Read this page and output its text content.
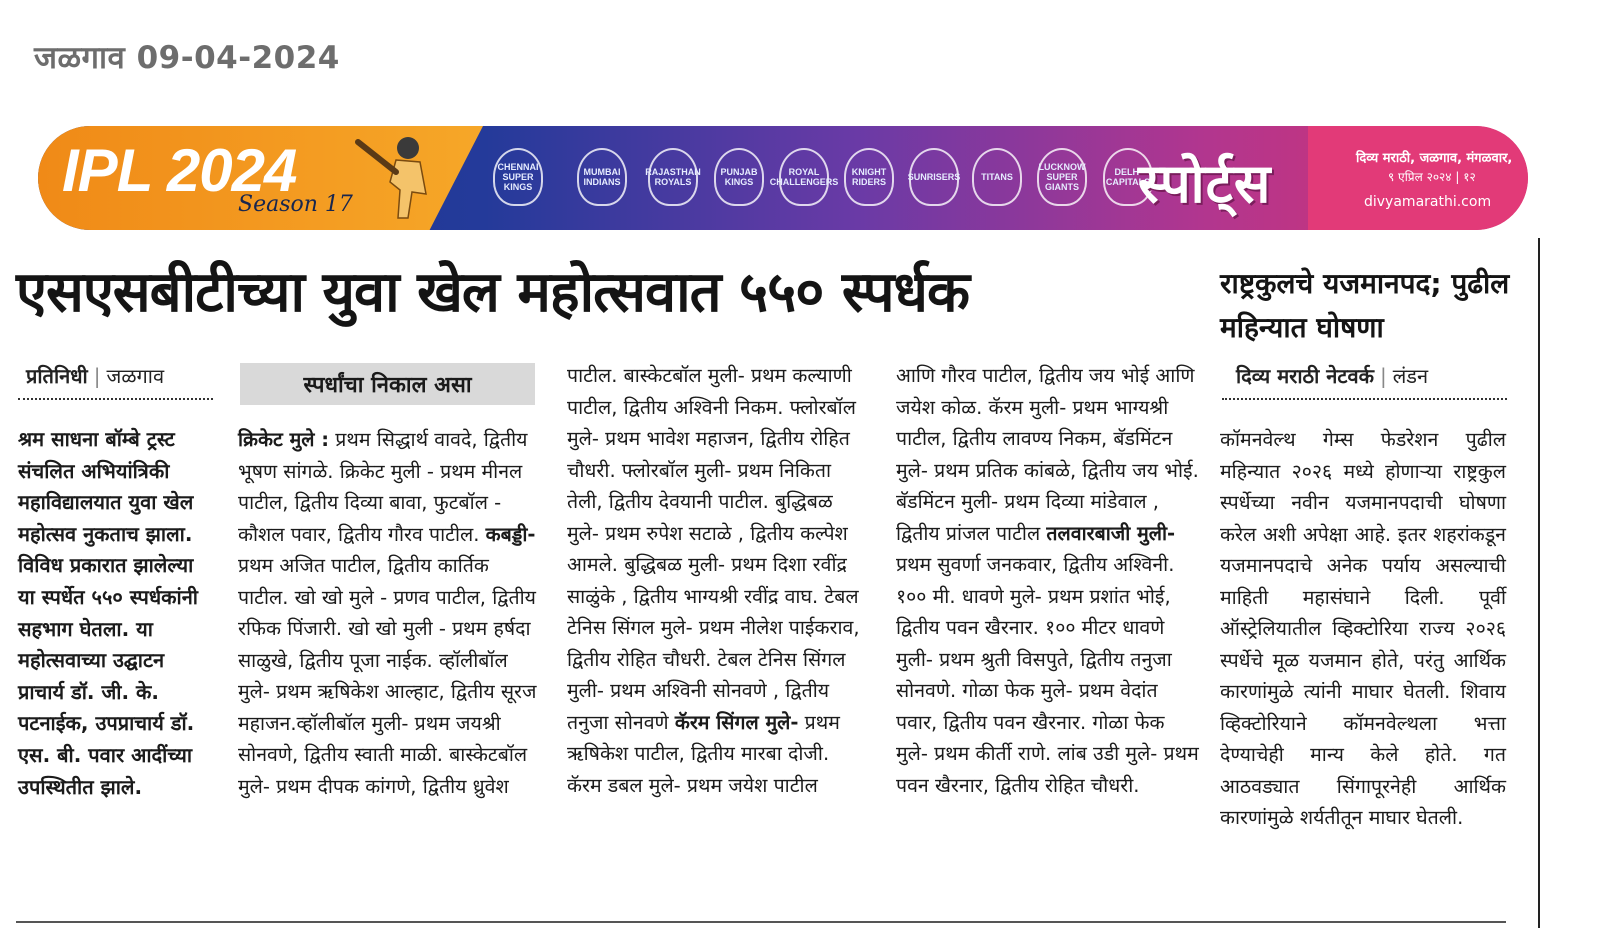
जळगाव 09-04-2024
IPL 2024
Season 17
CHENNAI SUPER KINGS
MUMBAI INDIANS
RAJASTHAN ROYALS
PUNJAB KINGS
ROYAL CHALLENGERS
KNIGHT RIDERS	SUNRISERS	TITANS
LUCKNOW SUPER GIANTS
DELHI CAPITALS
स्पोर्ट्स	दिव्य मराठी, जळगाव, मंगळवार,
९ एप्रिल २०२४ | १२
divyamarathi.com
एसएसबीटीच्या युवा खेल महोत्सवात ५५० स्पर्धक	राष्ट्रकुलचे यजमानपद; पुढील महिन्यात घोषणा
प्रतिनिधी | जळगाव

श्रम साधना बॉम्बे ट्रस्ट संचलित अभियांत्रिकी महाविद्यालयात युवा खेल महोत्सव नुकताच झाला. विविध प्रकारात झालेल्या या स्पर्धेत ५५० स्पर्धकांनी सहभाग घेतला. या महोत्सवाच्या उद्घाटन प्राचार्य डॉ. जी. के. पटनाईक, उपप्राचार्य डॉ. एस. बी. पवार आदींच्या उपस्थितीत झाले.

स्पर्धांचा निकाल असा

क्रिकेट मुले : प्रथम सिद्धार्थ वावदे, द्वितीय भूषण सांगळे. क्रिकेट मुली - प्रथम मीनल पाटील, द्वितीय दिव्या बावा, फुटबॉल - कौशल पवार, द्वितीय गौरव पाटील. कबड्डी- प्रथम अजित पाटील, द्वितीय कार्तिक पाटील. खो खो मुले - प्रणव पाटील, द्वितीय रफिक पिंजारी. खो खो मुली - प्रथम हर्षदा साळुखे, द्वितीय पूजा नाईक. व्हॉलीबॉल मुले- प्रथम ऋषिकेश आल्हाट, द्वितीय सूरज महाजन.व्हॉलीबॉल मुली- प्रथम जयश्री सोनवणे, द्वितीय स्वाती माळी. बास्केटबॉल मुले- प्रथम दीपक कांगणे, द्वितीय ध्रुवेश

पाटील. बास्केटबॉल मुली- प्रथम कल्याणी पाटील, द्वितीय अश्विनी निकम. फ्लोरबॉल मुले- प्रथम भावेश महाजन, द्वितीय रोहित चौधरी. फ्लोरबॉल मुली- प्रथम निकिता तेली, द्वितीय देवयानी पाटील. बुद्धिबळ मुले- प्रथम रुपेश सटाळे , द्वितीय कल्पेश आमले. बुद्धिबळ मुली- प्रथम दिशा रवींद्र साळुंके , द्वितीय भाग्यश्री रवींद्र वाघ. टेबल टेनिस सिंगल मुले- प्रथम नीलेश पाईकराव, द्वितीय रोहित चौधरी. टेबल टेनिस सिंगल मुली- प्रथम अश्विनी सोनवणे , द्वितीय तनुजा सोनवणे कॅरम सिंगल मुले- प्रथम ऋषिकेश पाटील, द्वितीय मारबा दोजी. कॅरम डबल मुले- प्रथम जयेश पाटील

आणि गौरव पाटील, द्वितीय जय भोई आणि जयेश कोळ. कॅरम मुली- प्रथम भाग्यश्री पाटील, द्वितीय लावण्य निकम, बॅडमिंटन मुले- प्रथम प्रतिक कांबळे, द्वितीय जय भोई. बॅडमिंटन मुली- प्रथम दिव्या मांडेवाल , द्वितीय प्रांजल पाटील तलवारबाजी मुली- प्रथम सुवर्णा जनकवार, द्वितीय अश्विनी. १०० मी. धावणे मुले- प्रथम प्रशांत भोई, द्वितीय पवन खैरनार. १०० मीटर धावणे मुली- प्रथम श्रुती विसपुते, द्वितीय तनुजा सोनवणे. गोळा फेक मुले- प्रथम वेदांत पवार, द्वितीय पवन खैरनार. गोळा फेक मुले- प्रथम कीर्ती राणे. लांब उडी मुले- प्रथम पवन खैरनार, द्वितीय रोहित चौधरी.

दिव्य मराठी नेटवर्क | लंडन

कॉमनवेल्थ गेम्स फेडरेशन पुढील महिन्यात २०२६ मध्ये होणाऱ्या राष्ट्रकुल स्पर्धेच्या नवीन यजमानपदाची घोषणा करेल अशी अपेक्षा आहे. इतर शहरांकडून यजमानपदाचे अनेक पर्याय असल्याची माहिती महासंघाने दिली. पूर्वी ऑस्ट्रेलियातील व्हिक्टोरिया राज्य २०२६ स्पर्धेचे मूळ यजमान होते, परंतु आर्थिक कारणांमुळे त्यांनी माघार घेतली. शिवाय व्हिक्टोरियाने कॉमनवेल्थला भत्ता देण्याचेही मान्य केले होते. गत आठवड्यात सिंगापूरनेही आर्थिक कारणांमुळे शर्यतीतून माघार घेतली.
